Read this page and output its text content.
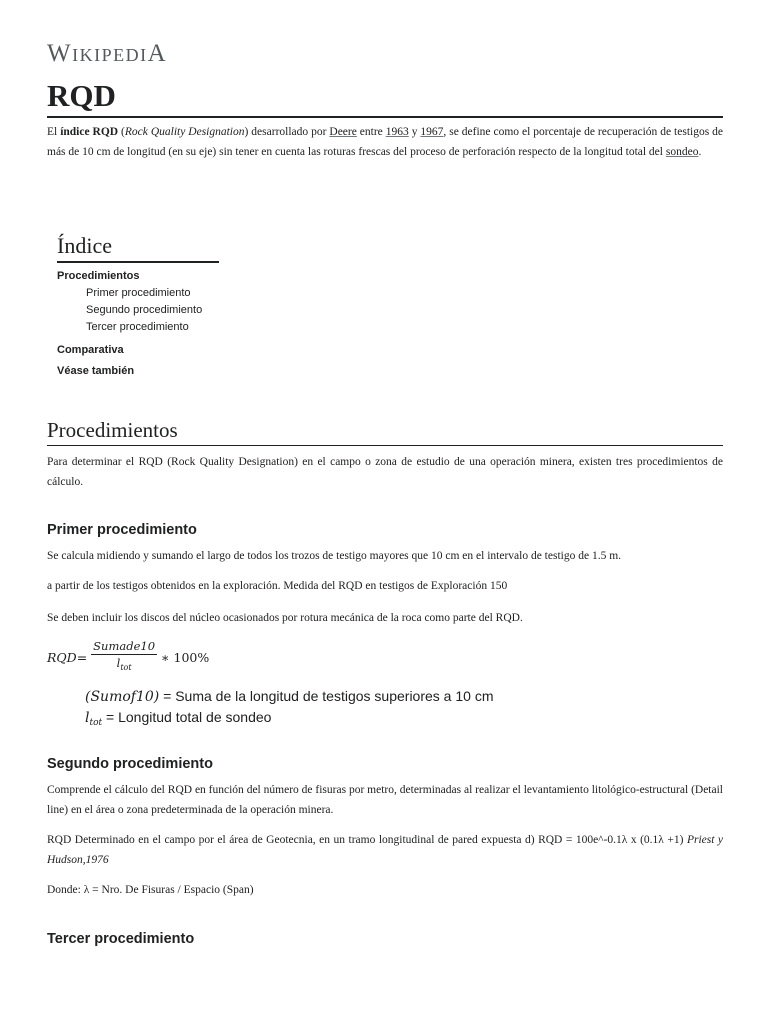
WIKIPEDIA
RQD
El índice RQD (Rock Quality Designation) desarrollado por Deere entre 1963 y 1967, se define como el porcentaje de recuperación de testigos de más de 10 cm de longitud (en su eje) sin tener en cuenta las roturas frescas del proceso de perforación respecto de la longitud total del sondeo.
Índice
Procedimientos
Primer procedimiento
Segundo procedimiento
Tercer procedimiento
Comparativa
Véase también
Procedimientos
Para determinar el RQD (Rock Quality Designation) en el campo o zona de estudio de una operación minera, existen tres procedimientos de cálculo.
Primer procedimiento
Se calcula midiendo y sumando el largo de todos los trozos de testigo mayores que 10 cm en el intervalo de testigo de 1.5 m.
a partir de los testigos obtenidos en la exploración. Medida del RQD en testigos de Exploración 150
Se deben incluir los discos del núcleo ocasionados por rotura mecánica de la roca como parte del RQD.
RQD = $\frac{\text{Sumade10}}{l_{tot}}$ ∗ 100%
(Sumof10) = Suma de la longitud de testigos superiores a 10 cm
$l_{tot}$ = Longitud total de sondeo
Segundo procedimiento
Comprende el cálculo del RQD en función del número de fisuras por metro, determinadas al realizar el levantamiento litológico-estructural (Detail line) en el área o zona predeterminada de la operación minera.
RQD Determinado en el campo por el área de Geotecnia, en un tramo longitudinal de pared expuesta d) RQD = 100e^-0.1λ x (0.1λ +1) Priest y Hudson,1976
Donde: λ = Nro. De Fisuras / Espacio (Span)
Tercer procedimiento
